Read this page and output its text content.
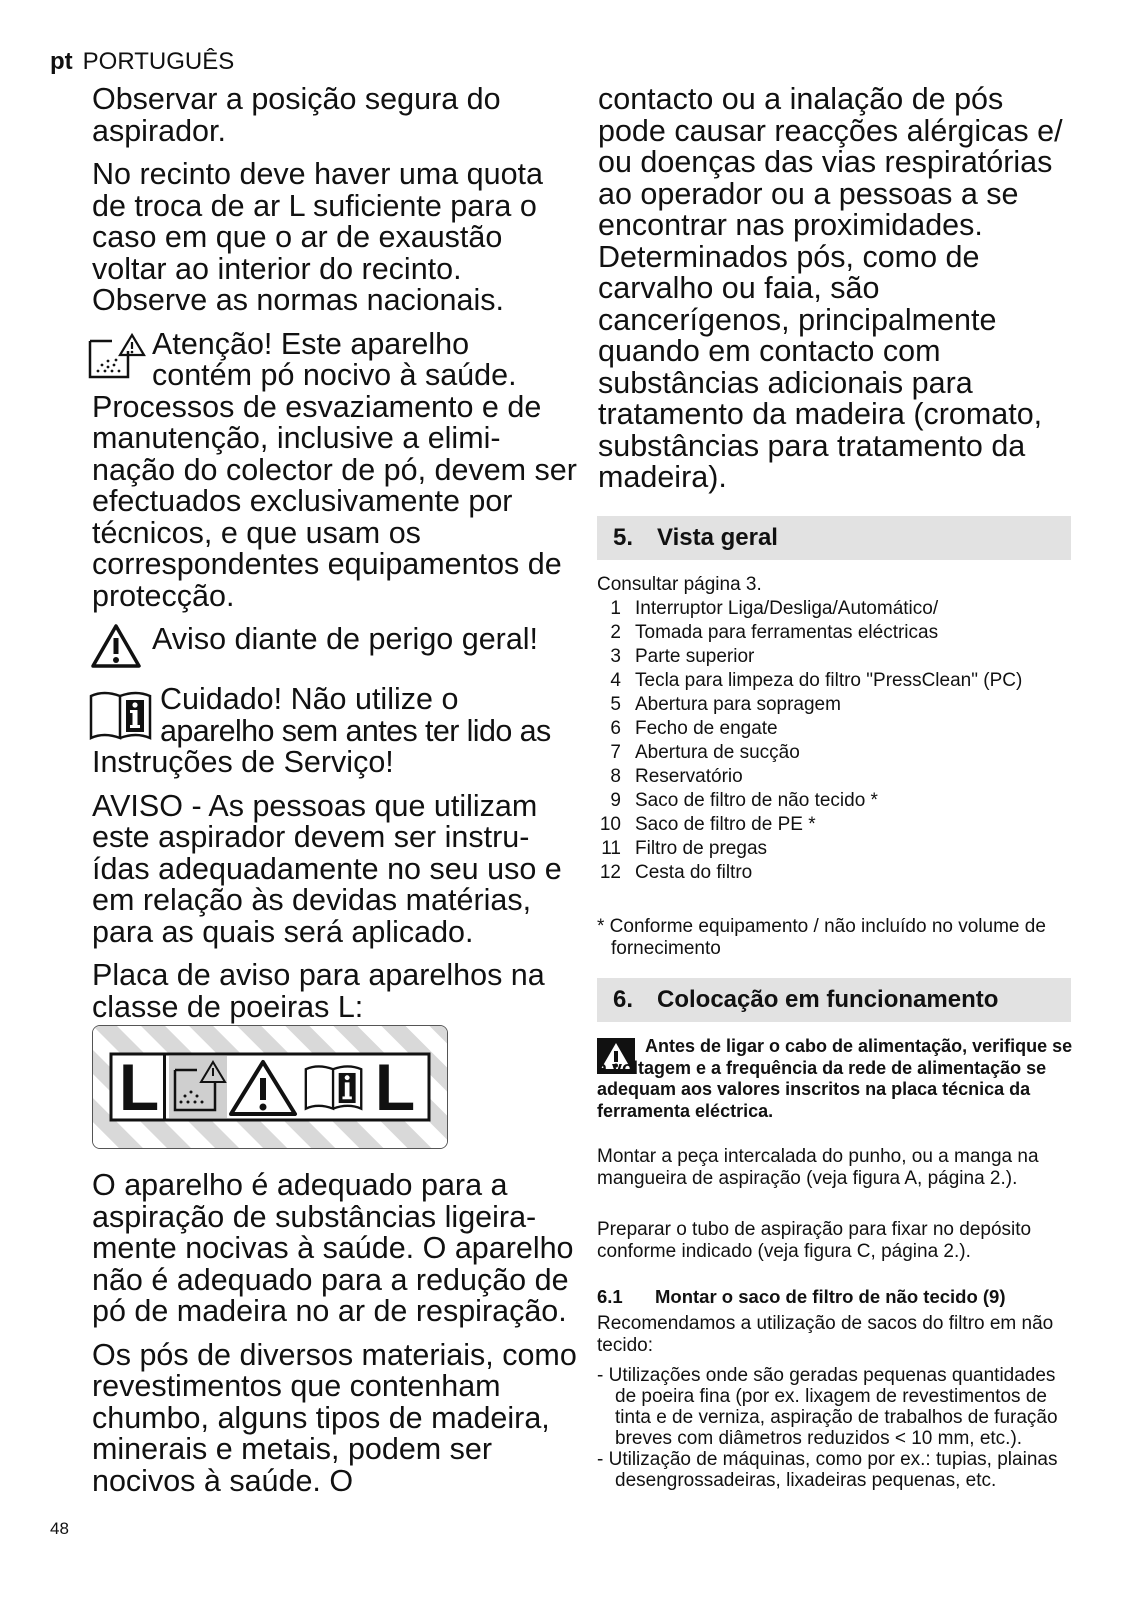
pt PORTUGUÊS

Observar a posição segura do aspirador.

No recinto deve haver uma quota de troca de ar L suficiente para o caso em que o ar de exaustão voltar ao interior do recinto. Observe as normas nacionais.

Atenção! Este aparelho
contém pó nocivo à saúde.
Processos de esvaziamento e de manutenção, inclusive a elimi-nação do colector de pó, devem ser efectuados exclusivamente por técnicos, e que usam os correspondentes equipamentos de protecção.
Aviso diante de perigo geral!
Cuidado! Não utilize o
aparelho sem antes ter lido as
Instruções de Serviço!

AVISO - As pessoas que utilizam este aspirador devem ser instru-ídas adequadamente no seu uso e em relação às devidas matérias, para as quais será aplicado.

Placa de aviso para aparelhos na classe de poeiras L:

L	L

O aparelho é adequado para a aspiração de substâncias ligeira-mente nocivas à saúde. O aparelho não é adequado para a redução de pó de madeira no ar de respiração.

Os pós de diversos materiais, como revestimentos que contenham chumbo, alguns tipos de madeira, minerais e metais, podem ser nocivos à saúde. O

contacto ou a inalação de pós pode causar reacções alérgicas e/ ou doenças das vias respiratórias ao operador ou a pessoas a se encontrar nas proximidades. Determinados pós, como de carvalho ou faia, são cancerígenos, principalmente quando em contacto com substâncias adicionais para tratamento da madeira (cromato, substâncias para tratamento da madeira).
5. Vista geral
Consultar página 3.
1 Interruptor Liga/Desliga/Automático/
2 Tomada para ferramentas eléctricas
3 Parte superior
4 Tecla para limpeza do filtro "PressClean" (PC)
5 Abertura para sopragem
6 Fecho de engate
7 Abertura de sucção
8 Reservatório
9 Saco de filtro de não tecido *
10 Saco de filtro de PE *
11 Filtro de pregas
12 Cesta do filtro
* Conforme equipamento / não incluído no volume de fornecimento
6. Colocação em funcionamento
Antes de ligar o cabo de alimentação, verifique se a voltagem e a frequência da rede de alimentação se adequam aos valores inscritos na placa técnica da ferramenta eléctrica.
Montar a peça intercalada do punho, ou a manga na mangueira de aspiração (veja figura A, página 2.).
Preparar o tubo de aspiração para fixar no depósito conforme indicado (veja figura C, página 2.).
6.1 Montar o saco de filtro de não tecido (9)
Recomendamos a utilização de sacos do filtro em não tecido:

- Utilizações onde são geradas pequenas quantidades de poeira fina (por ex. lixagem de revestimentos de tinta e de verniza, aspiração de trabalhos de furação breves com diâmetros reduzidos < 10 mm, etc.).

- Utilização de máquinas, como por ex.: tupias, plainas desengrossadeiras, lixadeiras pequenas, etc.

48
